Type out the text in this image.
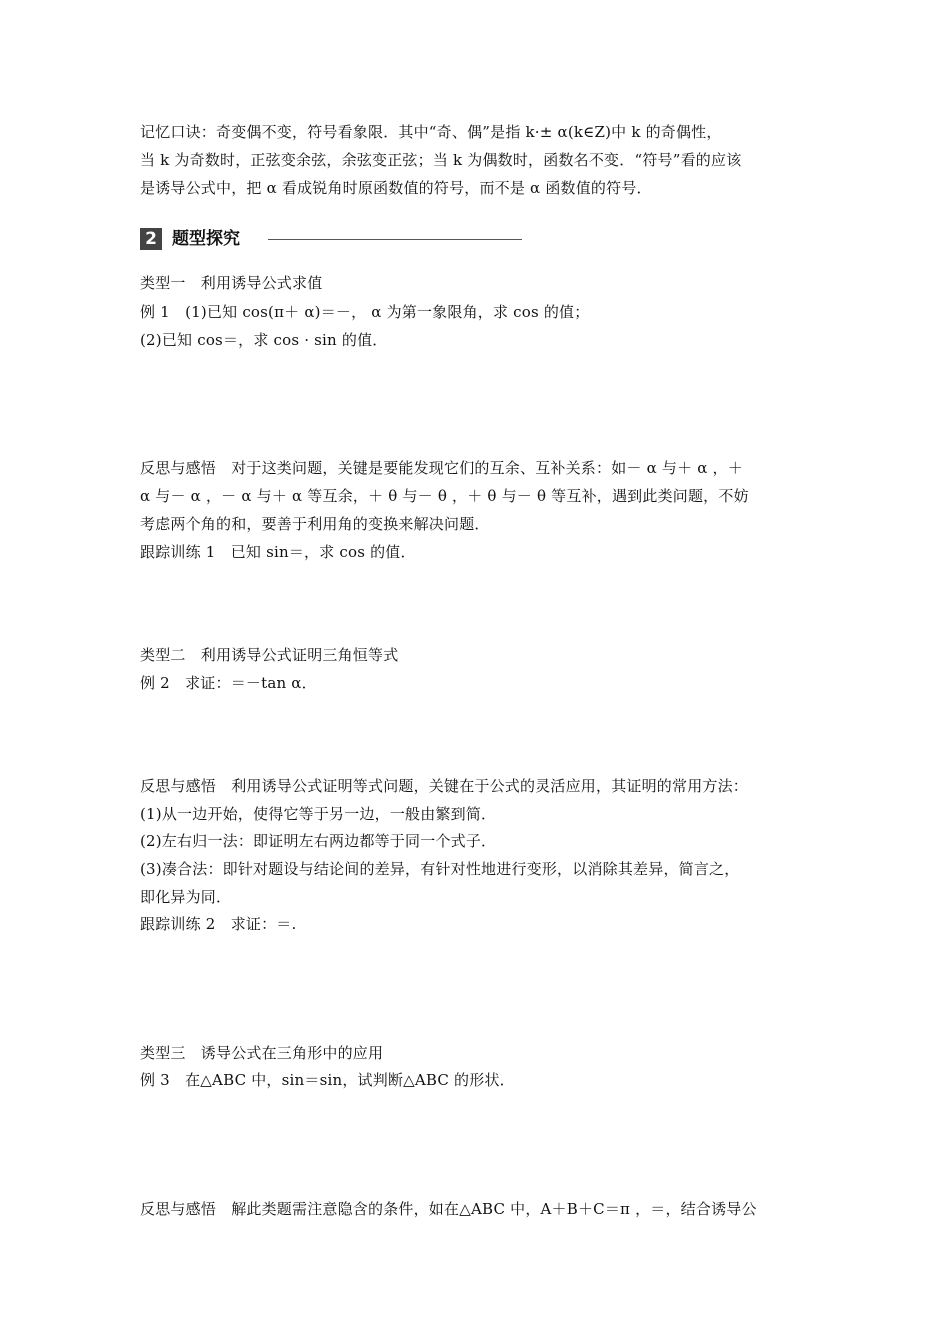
2 题型探究
记忆口诀：奇变偶不变，符号看象限．其中“奇、偶”是指 k·± α(k∈Z)中 k 的奇偶性，
当 k 为奇数时，正弦变余弦，余弦变正弦；当 k 为偶数时，函数名不变．“符号”看的应该
是诱导公式中，把 α 看成锐角时原函数值的符号，而不是 α 函数值的符号．
类型一　利用诱导公式求值
例 1　(1)已知 cos(π＋ α)＝－， α 为第一象限角，求 cos 的值；
(2)已知 cos＝，求 cos · sin 的值．
反思与感悟　对于这类问题，关键是要能发现它们的互余、互补关系：如－ α 与＋ α ，＋
α 与－ α ，－ α 与＋ α 等互余，＋ θ 与－ θ ，＋ θ 与－ θ 等互补，遇到此类问题，不妨
考虑两个角的和，要善于利用角的变换来解决问题．
跟踪训练 1　已知 sin＝，求 cos 的值．
类型二　利用诱导公式证明三角恒等式
例 2　求证：＝－tan α．
反思与感悟　利用诱导公式证明等式问题，关键在于公式的灵活应用，其证明的常用方法：
(1)从一边开始，使得它等于另一边，一般由繁到简．
(2)左右归一法：即证明左右两边都等于同一个式子．
(3)凑合法：即针对题设与结论间的差异，有针对性地进行变形，以消除其差异，简言之，
即化异为同．
跟踪训练 2　求证：＝.
类型三　诱导公式在三角形中的应用
例 3　在△ABC 中，sin＝sin，试判断△ABC 的形状．
反思与感悟　解此类题需注意隐含的条件，如在△ABC 中，A＋B＋C＝π ，＝，结合诱导公
